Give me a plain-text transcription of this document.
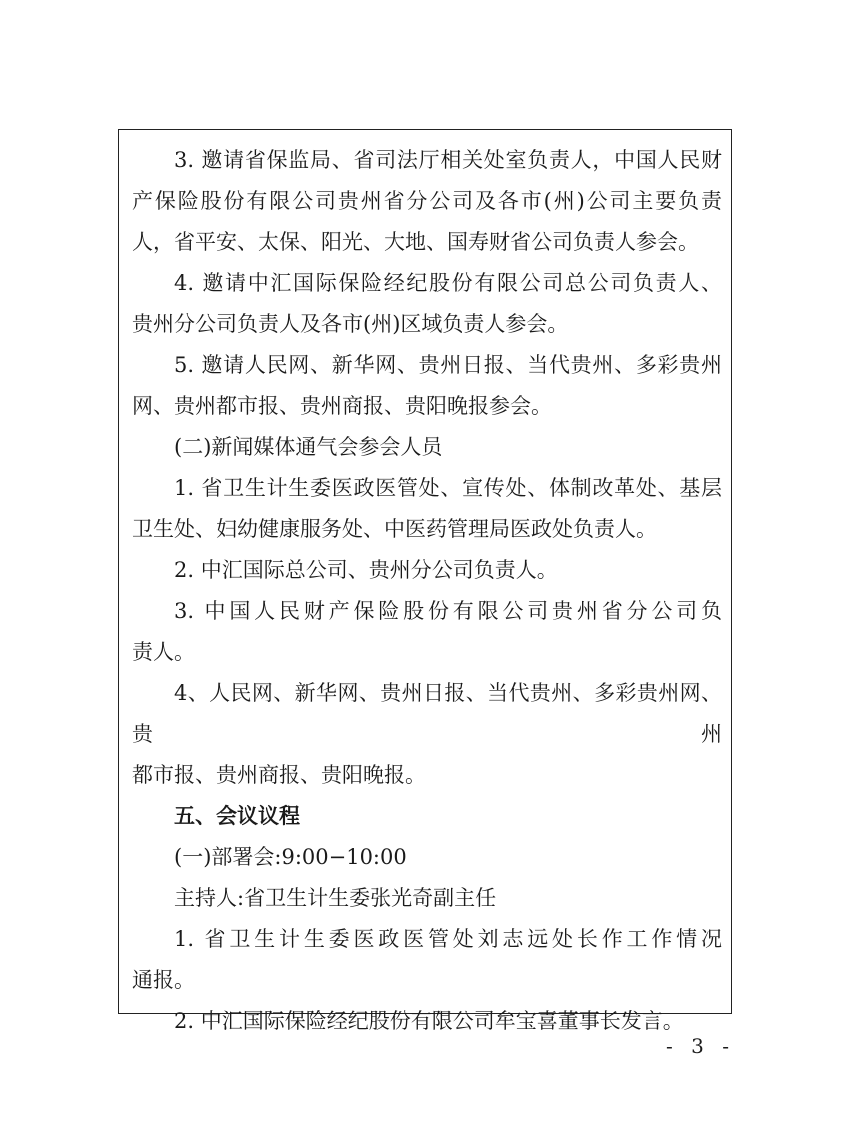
3. 邀请省保监局、省司法厅相关处室负责人，中国人民财

产保险股份有限公司贵州省分公司及各市(州)公司主要负责

人，省平安、太保、阳光、大地、国寿财省公司负责人参会。

4. 邀请中汇国际保险经纪股份有限公司总公司负责人、

贵州分公司负责人及各市(州)区域负责人参会。

5. 邀请人民网、新华网、贵州日报、当代贵州、多彩贵州

网、贵州都市报、贵州商报、贵阳晚报参会。

(二)新闻媒体通气会参会人员

1. 省卫生计生委医政医管处、宣传处、体制改革处、基层

卫生处、妇幼健康服务处、中医药管理局医政处负责人。

2. 中汇国际总公司、贵州分公司负责人。

3. 中国人民财产保险股份有限公司贵州省分公司负

责人。

4、人民网、新华网、贵州日报、当代贵州、多彩贵州网、贵州

都市报、贵州商报、贵阳晚报。

五、会议议程

(一)部署会:9:00−10:00

主持人:省卫生计生委张光奇副主任

1. 省卫生计生委医政医管处刘志远处长作工作情况

通报。

2. 中汇国际保险经纪股份有限公司牟宝喜董事长发言。

- 3 -
